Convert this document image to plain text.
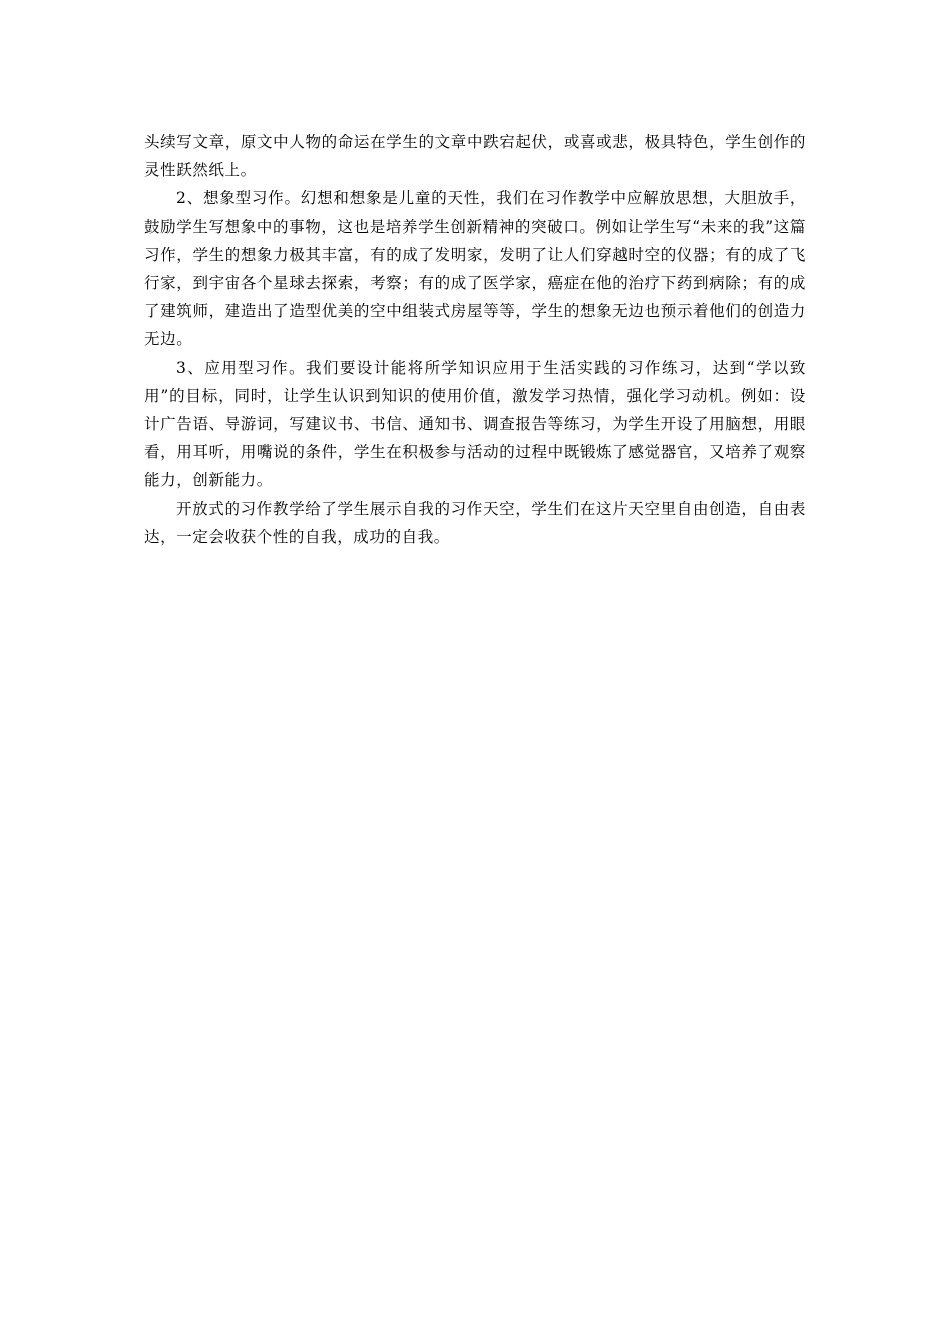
头续写文章，原文中人物的命运在学生的文章中跌宕起伏，或喜或悲，极具特色，学生创作的灵性跃然纸上。

2、想象型习作。幻想和想象是儿童的天性，我们在习作教学中应解放思想，大胆放手，鼓励学生写想象中的事物，这也是培养学生创新精神的突破口。例如让学生写“未来的我”这篇习作，学生的想象力极其丰富，有的成了发明家，发明了让人们穿越时空的仪器；有的成了飞行家，到宇宙各个星球去探索，考察；有的成了医学家，癌症在他的治疗下药到病除；有的成了建筑师，建造出了造型优美的空中组装式房屋等等，学生的想象无边也预示着他们的创造力无边。

3、应用型习作。我们要设计能将所学知识应用于生活实践的习作练习，达到“学以致用”的目标，同时，让学生认识到知识的使用价值，激发学习热情，强化学习动机。例如：设计广告语、导游词，写建议书、书信、通知书、调查报告等练习，为学生开设了用脑想，用眼看，用耳听，用嘴说的条件，学生在积极参与活动的过程中既锻炼了感觉器官，又培养了观察能力，创新能力。

开放式的习作教学给了学生展示自我的习作天空，学生们在这片天空里自由创造，自由表达，一定会收获个性的自我，成功的自我。
